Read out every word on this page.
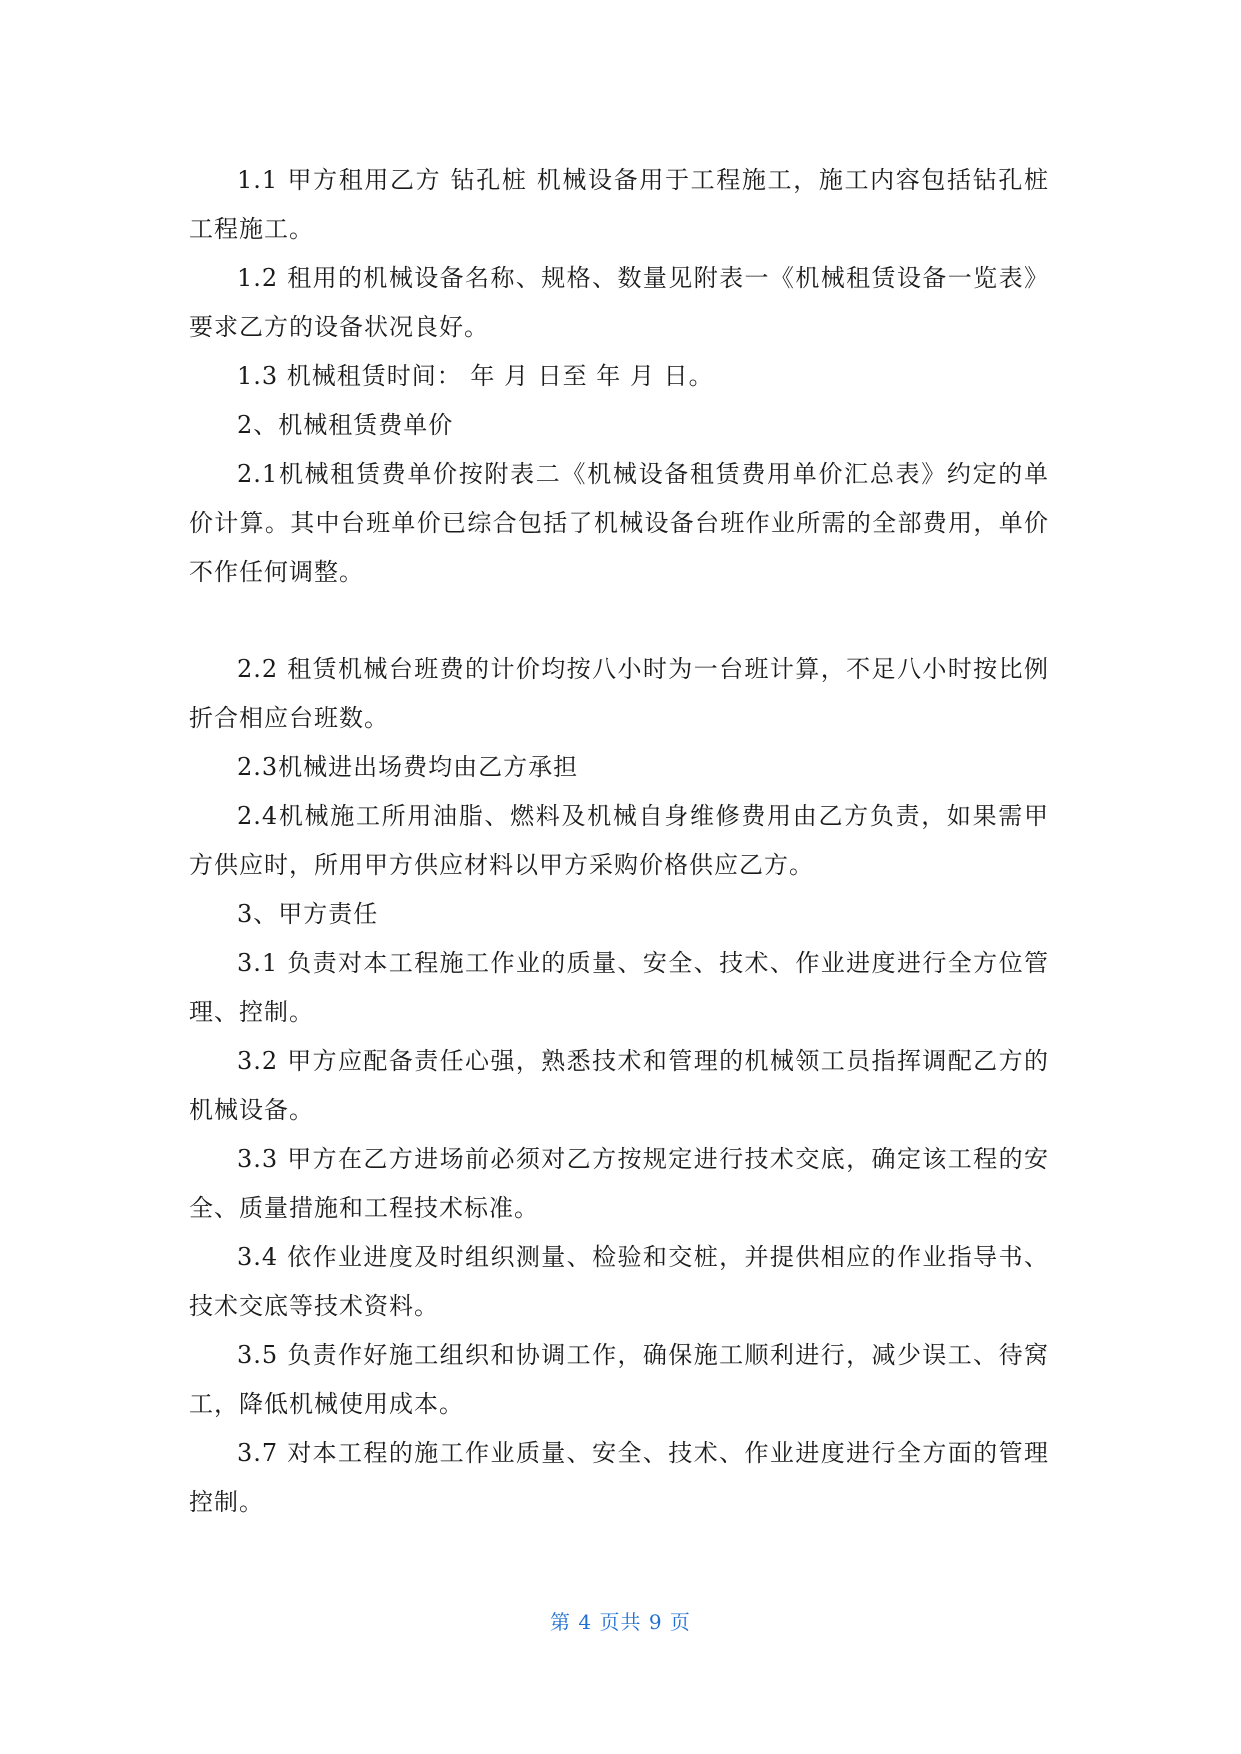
1.1 甲方租用乙方 钻孔桩 机械设备用于工程施工，施工内容包括钻孔桩工程施工。

1.2 租用的机械设备名称、规格、数量见附表一《机械租赁设备一览表》要求乙方的设备状况良好。

1.3 机械租赁时间： 年 月 日至 年 月 日。

2、机械租赁费单价

2.1机械租赁费单价按附表二《机械设备租赁费用单价汇总表》约定的单价计算。其中台班单价已综合包括了机械设备台班作业所需的全部费用，单价不作任何调整。

2.2 租赁机械台班费的计价均按八小时为一台班计算，不足八小时按比例折合相应台班数。

2.3机械进出场费均由乙方承担

2.4机械施工所用油脂、燃料及机械自身维修费用由乙方负责，如果需甲方供应时，所用甲方供应材料以甲方采购价格供应乙方。

3、甲方责任

3.1 负责对本工程施工作业的质量、安全、技术、作业进度进行全方位管理、控制。

3.2 甲方应配备责任心强，熟悉技术和管理的机械领工员指挥调配乙方的机械设备。

3.3 甲方在乙方进场前必须对乙方按规定进行技术交底，确定该工程的安全、质量措施和工程技术标准。

3.4 依作业进度及时组织测量、检验和交桩，并提供相应的作业指导书、技术交底等技术资料。

3.5 负责作好施工组织和协调工作，确保施工顺利进行，减少误工、待窝工，降低机械使用成本。

3.7 对本工程的施工作业质量、安全、技术、作业进度进行全方面的管理控制。

第 4 页共 9 页
